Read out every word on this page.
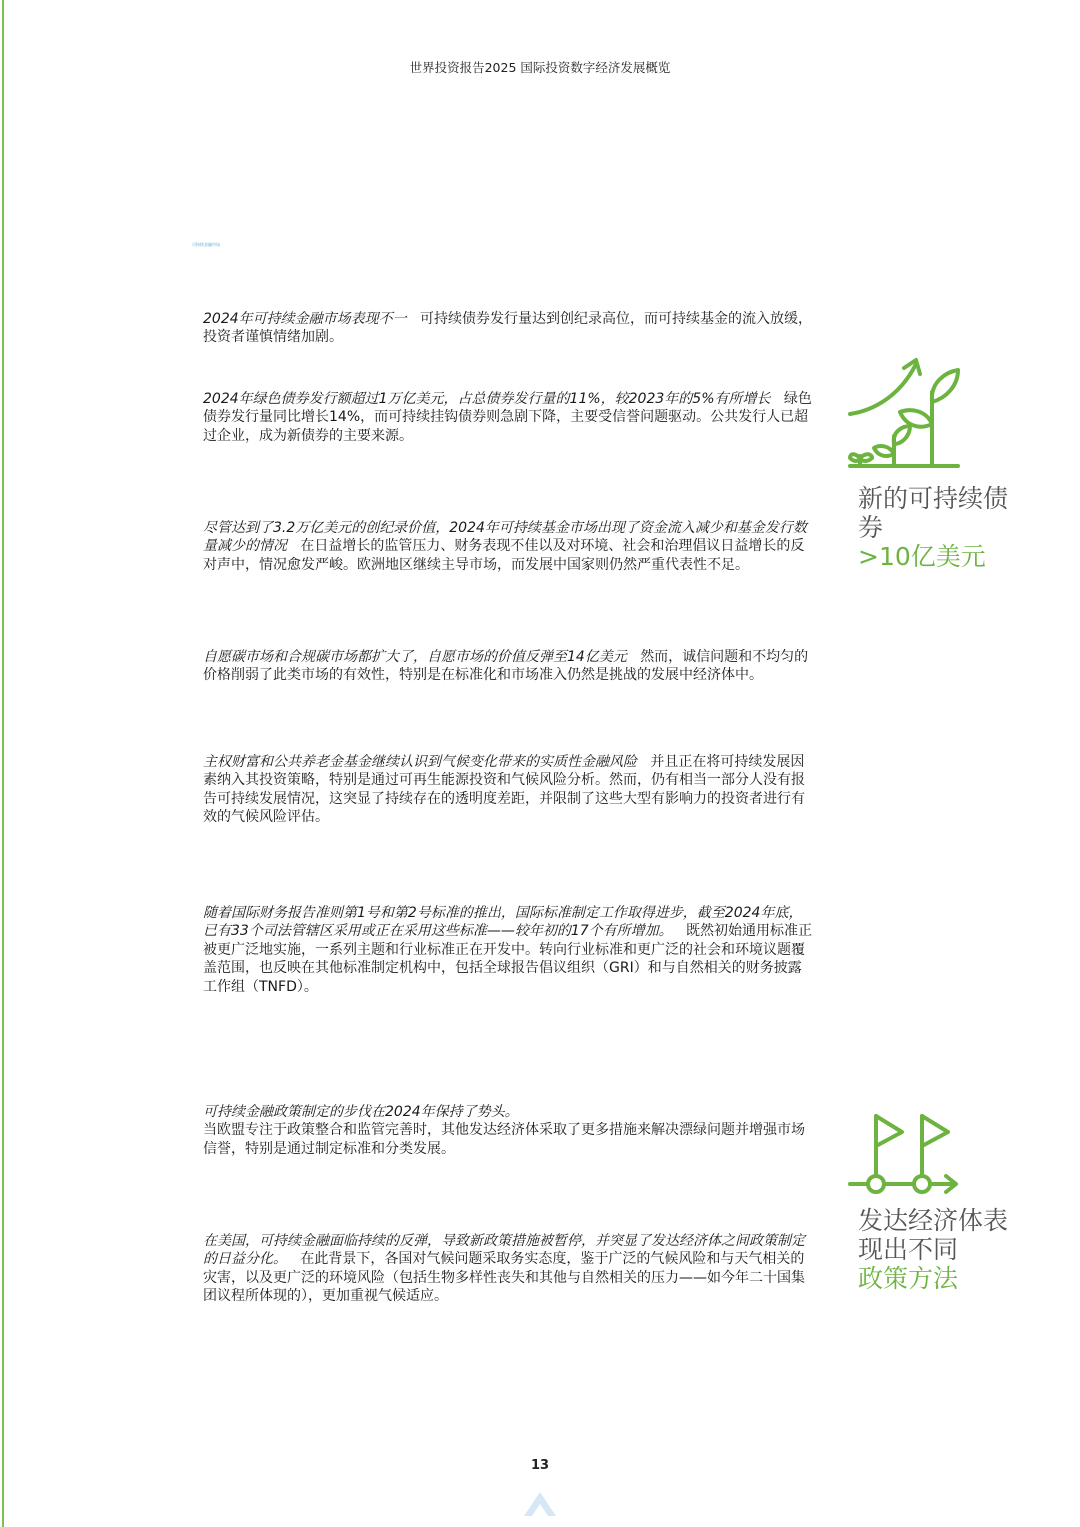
世界投资报告2025 国际投资数字经济发展概览
可持续金融市场
2024年可持续金融市场表现不一 可持续债券发行量达到创纪录高位，而可持续基金的流入放缓，投资者谨慎情绪加剧。
2024年绿色债券发行额超过1万亿美元，占总债券发行量的11%，较2023年的5%有所增长 绿色债券发行量同比增长14%，而可持续挂钩债券则急剧下降，主要受信誉问题驱动。公共发行人已超过企业，成为新债券的主要来源。
尽管达到了3.2万亿美元的创纪录价值，2024年可持续基金市场出现了资金流入减少和基金发行数量减少的情况 在日益增长的监管压力、财务表现不佳以及对环境、社会和治理倡议日益增长的反对声中，情况愈发严峻。欧洲地区继续主导市场，而发展中国家则仍然严重代表性不足。
自愿碳市场和合规碳市场都扩大了，自愿市场的价值反弹至14亿美元 然而，诚信问题和不均匀的价格削弱了此类市场的有效性，特别是在标准化和市场准入仍然是挑战的发展中经济体中。
主权财富和公共养老金基金继续认识到气候变化带来的实质性金融风险 并且正在将可持续发展因素纳入其投资策略，特别是通过可再生能源投资和气候风险分析。然而，仍有相当一部分人没有报告可持续发展情况，这突显了持续存在的透明度差距，并限制了这些大型有影响力的投资者进行有效的气候风险评估。
随着国际财务报告准则第1号和第2号标准的推出，国际标准制定工作取得进步，截至2024年底，已有33个司法管辖区采用或正在采用这些标准——较年初的17个有所增加。 既然初始通用标准正被更广泛地实施，一系列主题和行业标准正在开发中。转向行业标准和更广泛的社会和环境议题覆盖范围，也反映在其他标准制定机构中，包括全球报告倡议组织（GRI）和与自然相关的财务披露工作组（TNFD）。
可持续金融政策制定的步伐在2024年保持了势头。
当欧盟专注于政策整合和监管完善时，其他发达经济体采取了更多措施来解决漂绿问题并增强市场信誉，特别是通过制定标准和分类发展。
在美国，可持续金融面临持续的反弹，导致新政策措施被暂停，并突显了发达经济体之间政策制定的日益分化。 在此背景下，各国对气候问题采取务实态度，鉴于广泛的气候风险和与天气相关的灾害，以及更广泛的环境风险（包括生物多样性丧失和其他与自然相关的压力——如今年二十国集团议程所体现的），更加重视气候适应。
新的可持续债
券
>10亿美元
发达经济体表
现出不同
政策方法
13
